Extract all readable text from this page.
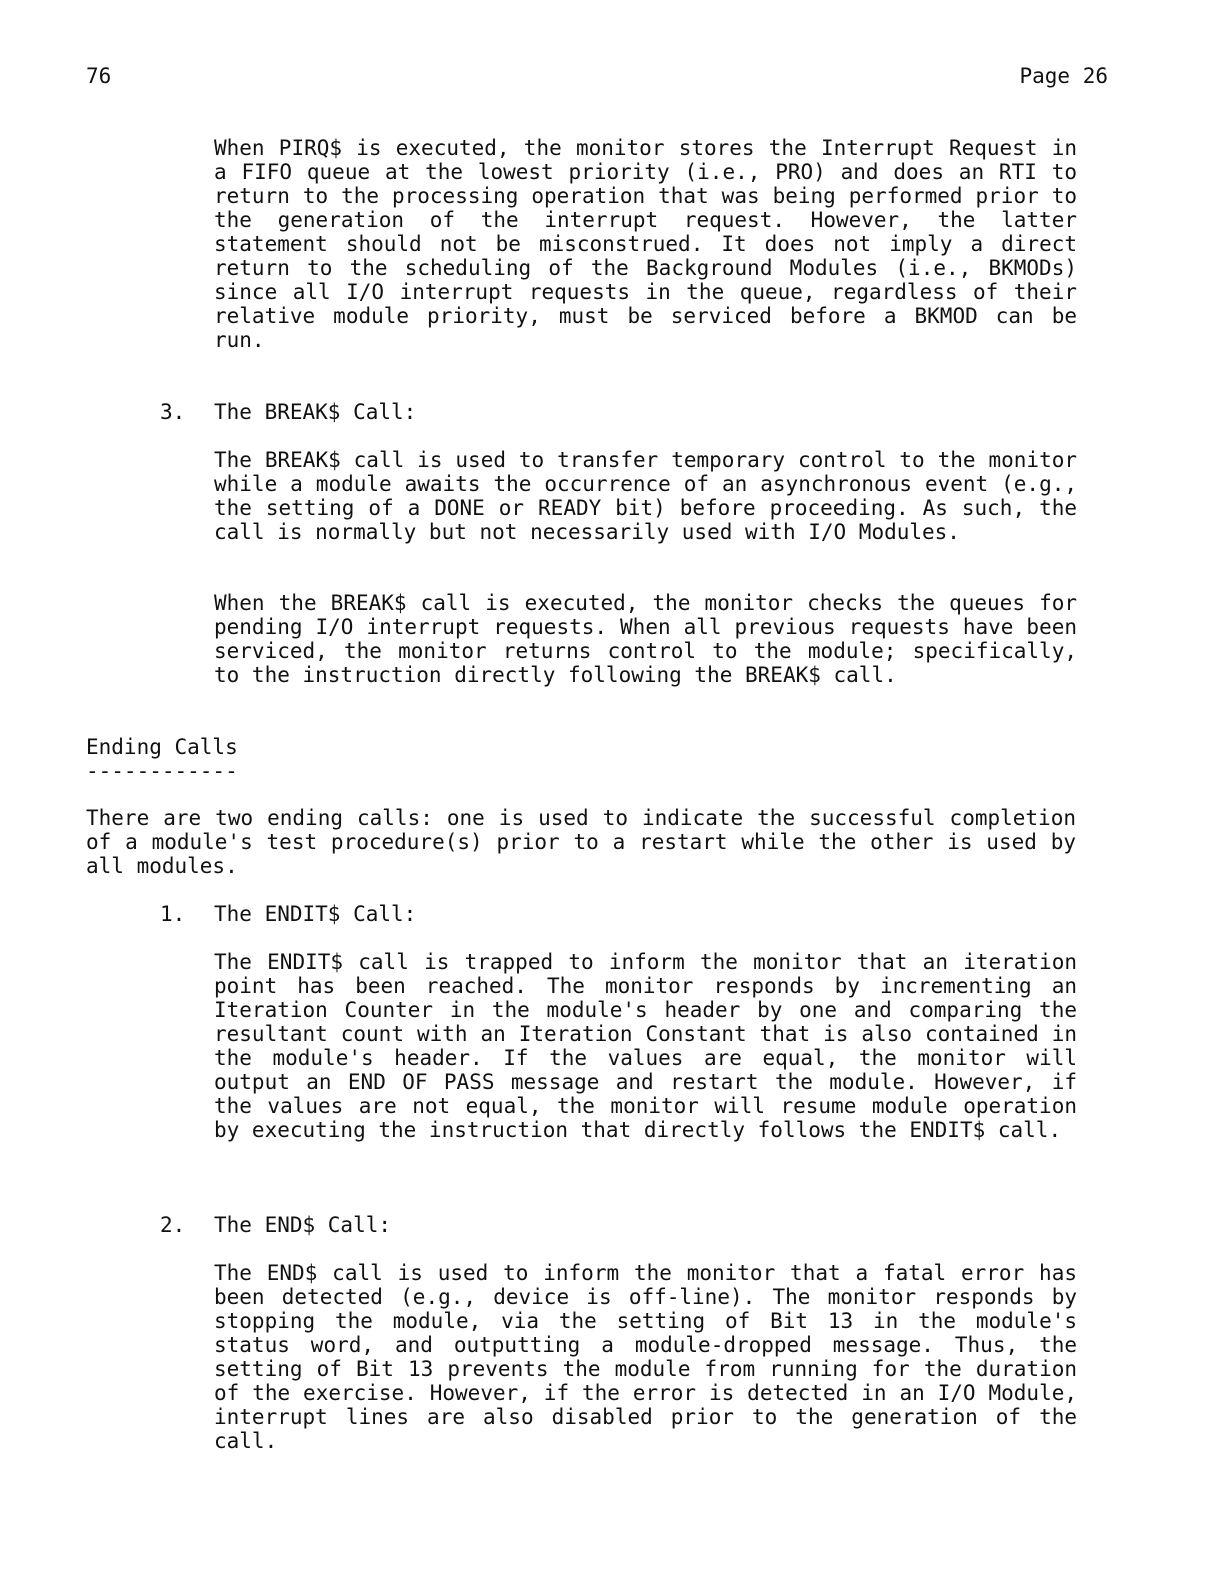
76	Page 26

When PIRQ$ is executed, the monitor stores the Interrupt Request in a FIFO queue at the lowest priority (i.e., PRO) and does an RTI to return to the processing operation that was being performed prior to the generation of the interrupt request. However, the latter statement should not be misconstrued. It does not imply a direct return to the scheduling of the Background Modules (i.e., BKMODs) since all I/O interrupt requests in the queue, regardless of their relative module priority, must be serviced before a BKMOD can be run.

3. The BREAK$ Call:

The BREAK$ call is used to transfer temporary control to the monitor while a module awaits the occurrence of an asynchronous event (e.g., the setting of a DONE or READY bit) before proceeding. As such, the call is normally but not necessarily used with I/O Modules.

When the BREAK$ call is executed, the monitor checks the queues for pending I/O interrupt requests. When all previous requests have been serviced, the monitor returns control to the module; specifically, to the instruction directly following the BREAK$ call.

Ending Calls
------------

There are two ending calls: one is used to indicate the successful completion of a module's test procedure(s) prior to a restart while the other is used by all modules.

1. The ENDIT$ Call:

The ENDIT$ call is trapped to inform the monitor that an iteration point has been reached. The monitor responds by incrementing an Iteration Counter in the module's header by one and comparing the resultant count with an Iteration Constant that is also contained in the module's header. If the values are equal, the monitor will output an END OF PASS message and restart the module. However, if the values are not equal, the monitor will resume module operation by executing the instruction that directly follows the ENDIT$ call.

2. The END$ Call:

The END$ call is used to inform the monitor that a fatal error has been detected (e.g., device is off-line). The monitor responds by stopping the module, via the setting of Bit 13 in the module's status word, and outputting a module-dropped message. Thus, the setting of Bit 13 prevents the module from running for the duration of the exercise. However, if the error is detected in an I/O Module, interrupt lines are also disabled prior to the generation of the call.
